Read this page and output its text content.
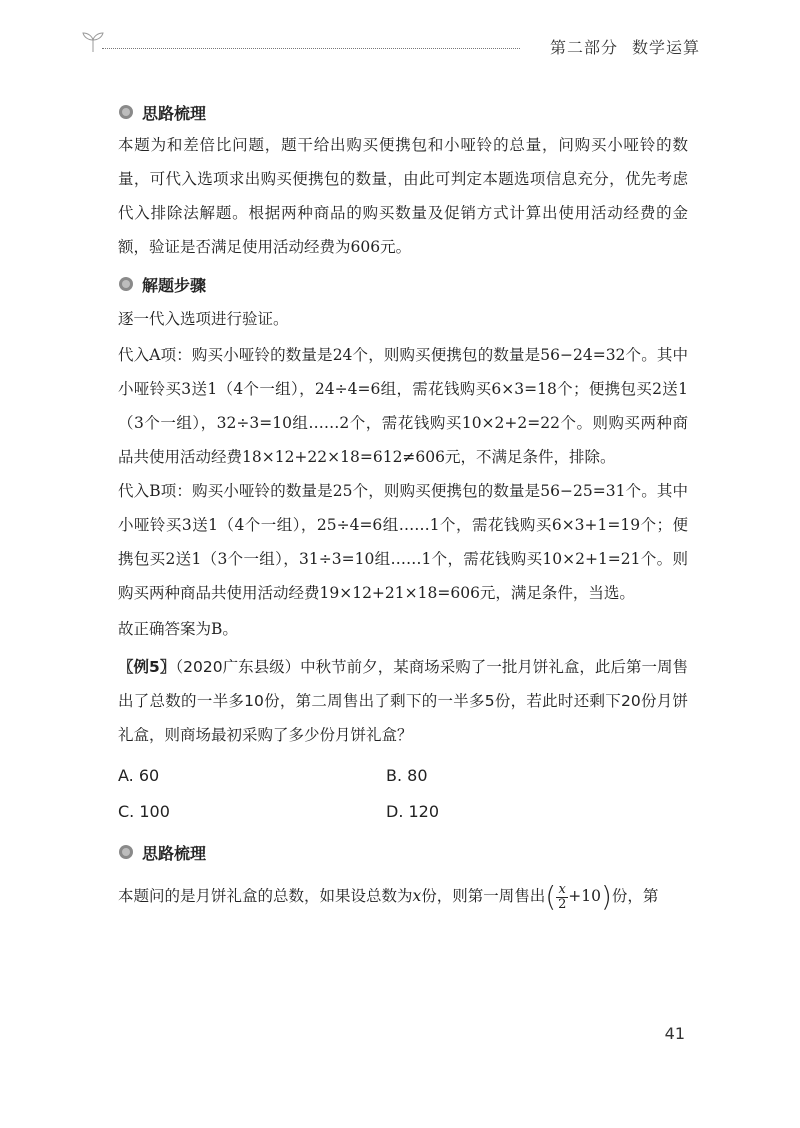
第二部分 数学运算
思路梳理

本题为和差倍比问题，题干给出购买便携包和小哑铃的总量，问购买小哑铃的数量，可代入选项求出购买便携包的数量，由此可判定本题选项信息充分，优先考虑代入排除法解题。根据两种商品的购买数量及促销方式计算出使用活动经费的金额，验证是否满足使用活动经费为606元。

解题步骤

逐一代入选项进行验证。

代入A项：购买小哑铃的数量是24个，则购买便携包的数量是56−24=32个。其中小哑铃买3送1（4个一组），24÷4=6组，需花钱购买6×3=18个；便携包买2送1（3个一组），32÷3=10组……2个，需花钱购买10×2+2=22个。则购买两种商品共使用活动经费18×12+22×18=612≠606元，不满足条件，排除。

代入B项：购买小哑铃的数量是25个，则购买便携包的数量是56−25=31个。其中小哑铃买3送1（4个一组），25÷4=6组……1个，需花钱购买6×3+1=19个；便携包买2送1（3个一组），31÷3=10组……1个，需花钱购买10×2+1=21个。则购买两种商品共使用活动经费19×12+21×18=606元，满足条件，当选。

故正确答案为B。

〖例5〗（2020广东县级）中秋节前夕，某商场采购了一批月饼礼盒，此后第一周售出了总数的一半多10份，第二周售出了剩下的一半多5份，若此时还剩下20份月饼礼盒，则商场最初采购了多少份月饼礼盒？

A. 60	B. 80
C. 100	D. 120
思路梳理

本题问的是月饼礼盒的总数，如果设总数为x份，则第一周售出( $\frac{x}{2} +10$)份，第

41
